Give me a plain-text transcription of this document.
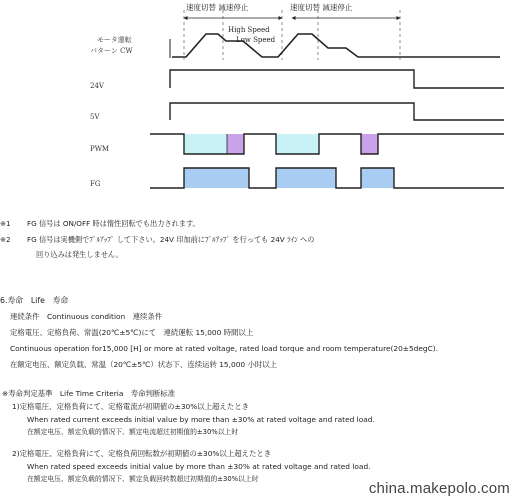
速度切替 減速停止	速度切替 減速停止
High Speed
Low Speed
モータ運転
パターン CW
24V
5V
PWM
FG
※1 FG 信号は ON/OFF 時は惰性回転でも出力されます。
※2 FG 信号は実機側でﾌﾟﾙｱｯﾌﾟ して下さい。24V 印加前にﾌﾟﾙｱｯﾌﾟ を行っても 24V ﾗｲﾝ への
回り込みは発生しません。
6.寿命　Life　寿命
連続条件　Continuous condition　連续条件
定格電圧、定格負荷、常温(20℃±5℃)にて　連続運転 15,000 時間以上
Continuous operation for15,000 [H] or more at rated voltage, rated load torque and room temperature(20±5degC).
在额定电压、额定负载、常温（20℃±5℃）状态下、连续运转 15,000 小时以上
※寿命判定基準　Life Time Criteria　寿命判断标准
1)定格電圧、定格負荷にて、定格電流が初期値の±30%以上超えたとき
When rated current exceeds initial value by more than ±30% at rated voltage and rated load.
在额定电压、额定负载的情况下、额定电流超过初期值的±30%以上时
2)定格電圧、定格負荷にて、定格負荷回転数が初期値の±30%以上超えたとき
When rated speed exceeds initial value by more than ±30% at rated voltage and rated load.
在额定电压、额定负载的情况下、额定负载回转数超过初期值的±30%以上时
china.makepolo.com
